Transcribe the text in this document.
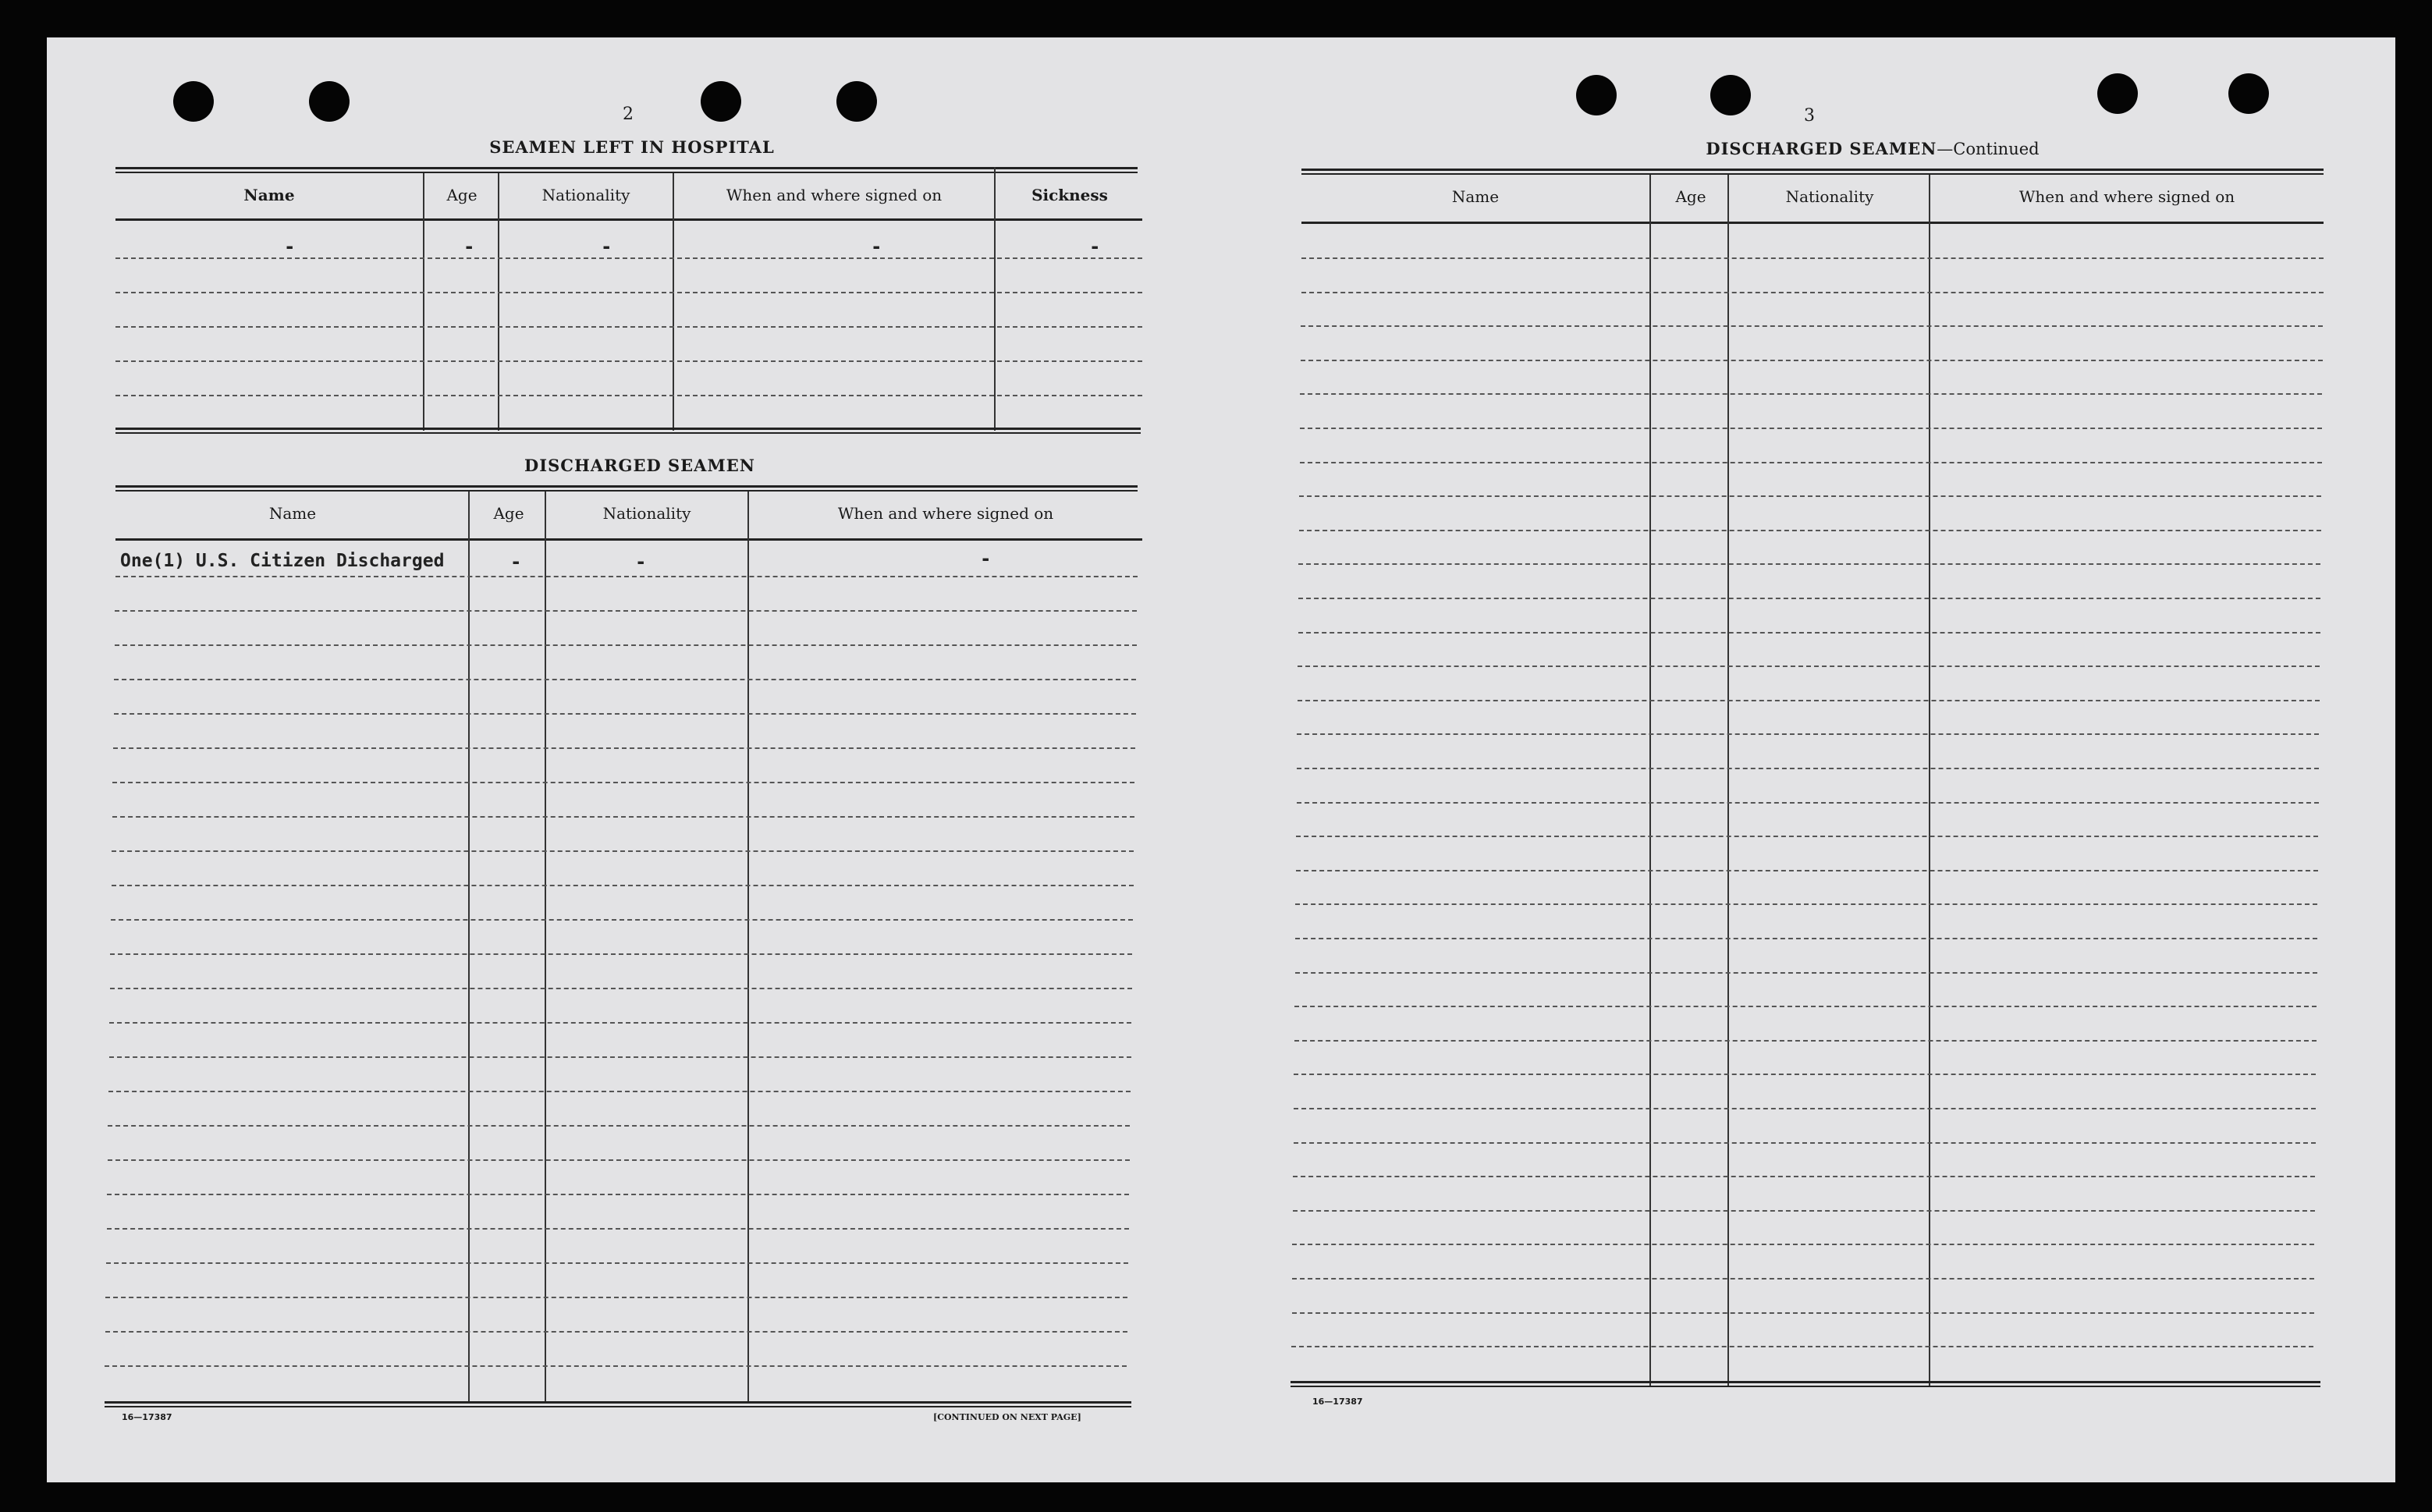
2
SEAMEN LEFT IN HOSPITAL
Name	Age	Nationality	When and where signed on	Sickness
-	-	-	-	-
DISCHARGED SEAMEN
Name	Age	Nationality	When and where signed on
One(1) U.S. Citizen Discharged	-	-	-
16—17387	[CONTINUED ON NEXT PAGE]
3
DISCHARGED SEAMEN—Continued
Name	Age	Nationality	When and where signed on
16—17387
